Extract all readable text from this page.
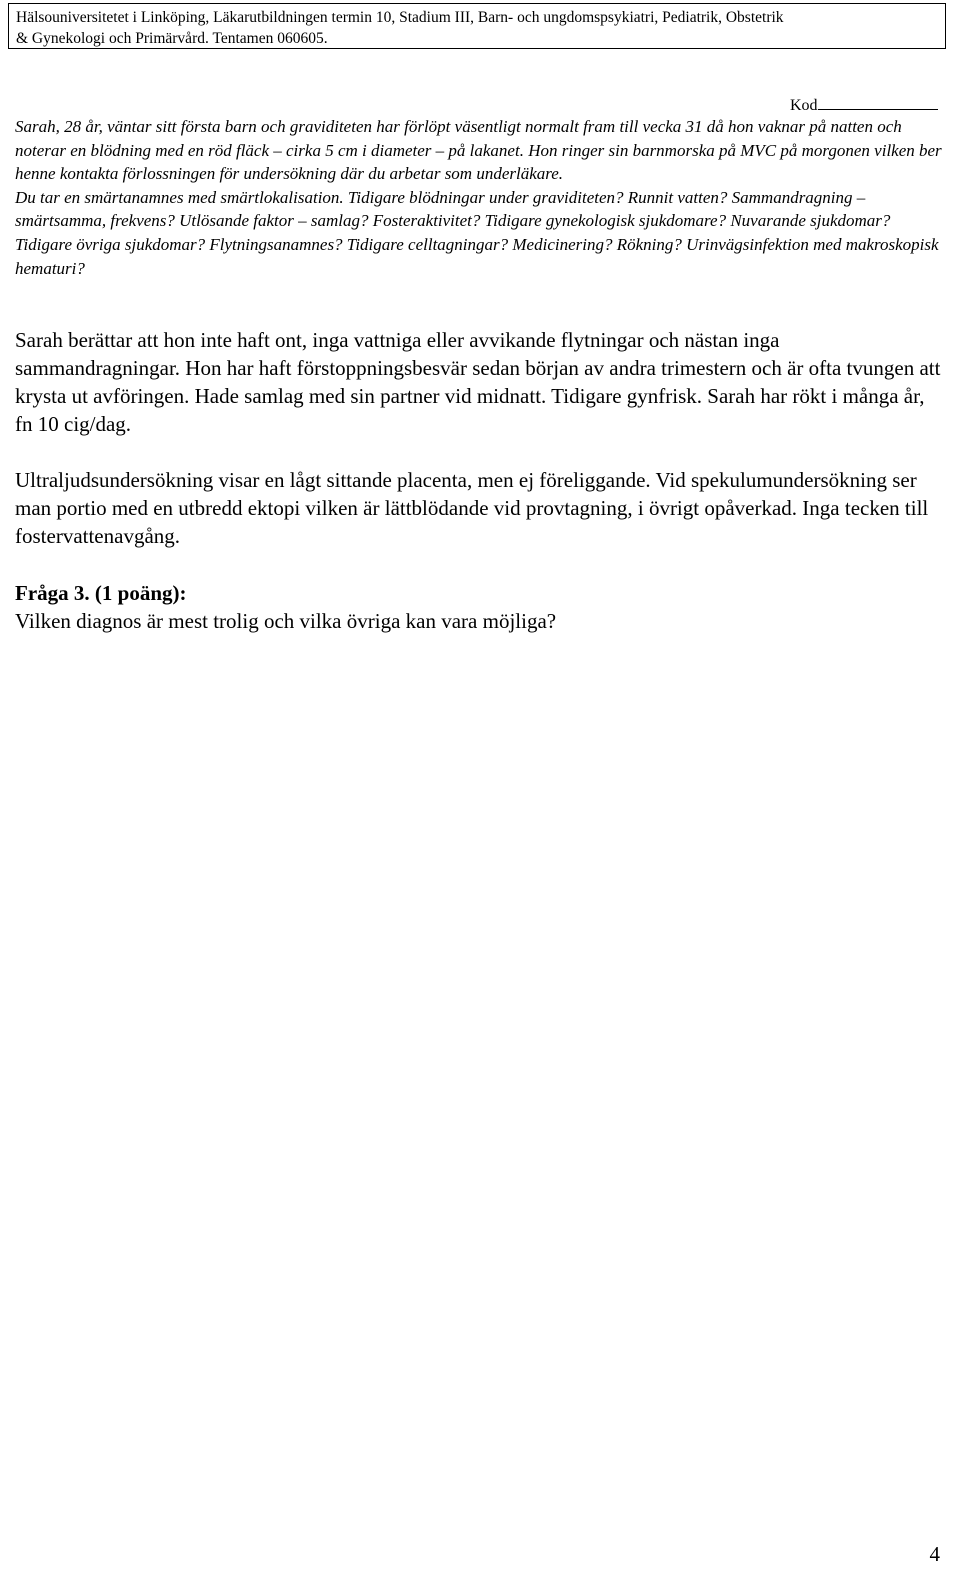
Hälsouniversitetet i Linköping, Läkarutbildningen termin 10, Stadium III, Barn- och ungdomspsykiatri, Pediatrik, Obstetrik
& Gynekologi och Primärvård. Tentamen 060605.
Kod

Sarah, 28 år, väntar sitt första barn och graviditeten har förlöpt väsentligt normalt fram till vecka 31 då hon vaknar på natten och noterar en blödning med en röd fläck – cirka 5 cm i diameter – på lakanet. Hon ringer sin barnmorska på MVC på morgonen vilken ber henne kontakta förlossningen för undersökning där du arbetar som underläkare.

Du tar en smärtanamnes med smärtlokalisation. Tidigare blödningar under graviditeten? Runnit vatten? Sammandragning – smärtsamma, frekvens? Utlösande faktor – samlag? Fosteraktivitet? Tidigare gynekologisk sjukdomare? Nuvarande sjukdomar? Tidigare övriga sjukdomar? Flytningsanamnes? Tidigare celltagningar? Medicinering? Rökning? Urinvägsinfektion med makroskopisk hematuri?

Sarah berättar att hon inte haft ont, inga vattniga eller avvikande flytningar och nästan inga sammandragningar. Hon har haft förstoppningsbesvär sedan början av andra trimestern och är ofta tvungen att krysta ut avföringen. Hade samlag med sin partner vid midnatt. Tidigare gynfrisk. Sarah har rökt i många år, fn 10 cig/dag.

Ultraljudsundersökning visar en lågt sittande placenta, men ej föreliggande. Vid spekulumundersökning ser man portio med en utbredd ektopi vilken är lättblödande vid provtagning, i övrigt opåverkad. Inga tecken till fostervattenavgång.

Fråga 3. (1 poäng):

Vilken diagnos är mest trolig och vilka övriga kan vara möjliga?

4
